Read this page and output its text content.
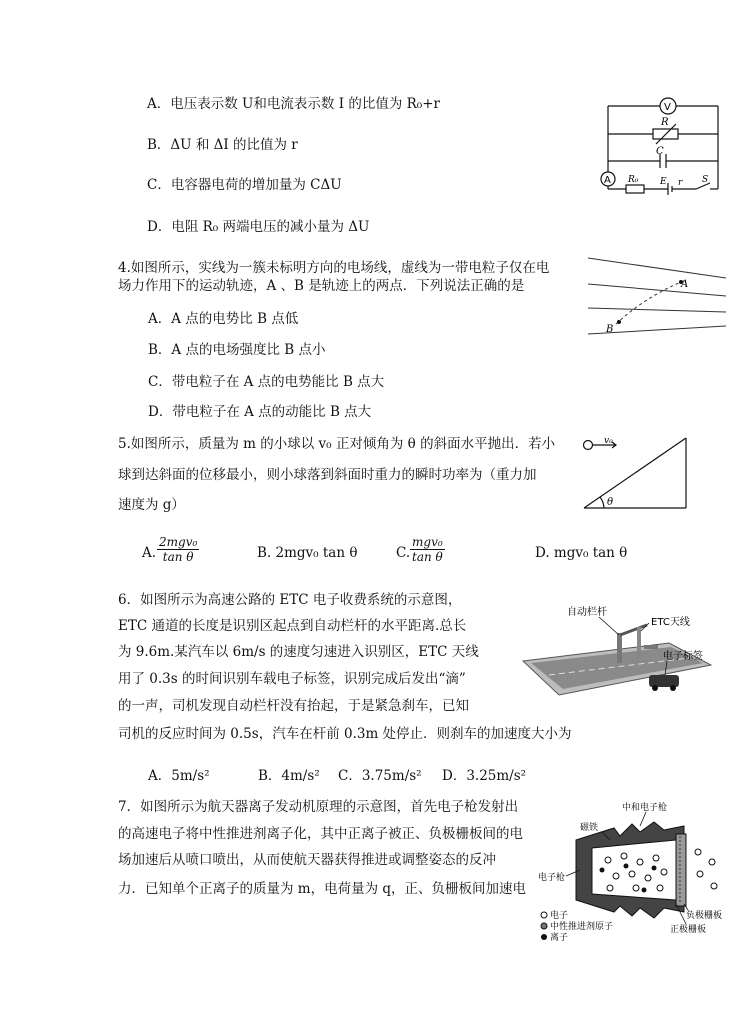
A．电压表示数 U和电流表示数 I 的比值为 R₀+r
B．ΔU 和 ΔI 的比值为 r
C．电容器电荷的增加量为 CΔU
D．电阻 R₀ 两端电压的减小量为 ΔU
V
R
C
A R₀ E r S
4.如图所示，实线为一簇未标明方向的电场线，虚线为一带电粒子仅在电
场力作用下的运动轨迹，A 、B 是轨迹上的两点．下列说法正确的是
A．A 点的电势比 B 点低
B．A 点的电场强度比 B 点小
C．带电粒子在 A 点的电势能比 B 点大
D．带电粒子在 A 点的动能比 B 点大
A
B
5.如图所示，质量为 m 的小球以 v₀ 正对倾角为 θ 的斜面水平抛出．若小
球到达斜面的位移最小，则小球落到斜面时重力的瞬时功率为（重力加
速度为 g）
A.
2mgv₀
tan θ	B. 2mgv₀ tan θ	C.
mgv₀
tan θ	D. mgv₀ tan θ
v₀
θ
6．如图所示为高速公路的 ETC 电子收费系统的示意图，
ETC 通道的长度是识别区起点到自动栏杆的水平距离.总长
为 9.6m.某汽车以 6m/s 的速度匀速进入识别区，ETC 天线
用了 0.3s 的时间识别车载电子标签，识别完成后发出“滴”
的一声，司机发现自动栏杆没有抬起，于是紧急刹车，已知
司机的反应时间为 0.5s，汽车在杆前 0.3m 处停止．则刹车的加速度大小为
A．5m/s²	B．4m/s² C．3.75m/s² D．3.25m/s²
自动栏杆
ETC天线
电子标签
7．如图所示为航天器离子发动机原理的示意图，首先电子枪发射出
的高速电子将中性推进剂离子化，其中正离子被正、负极栅板间的电
场加速后从喷口喷出，从而使航天器获得推进或调整姿态的反冲
力．已知单个正离子的质量为 m，电荷量为 q，正、负栅板间加速电
中和电子枪
磁铁
电子枪
负极栅板
正极栅板
电子
中性推进剂原子
离子
